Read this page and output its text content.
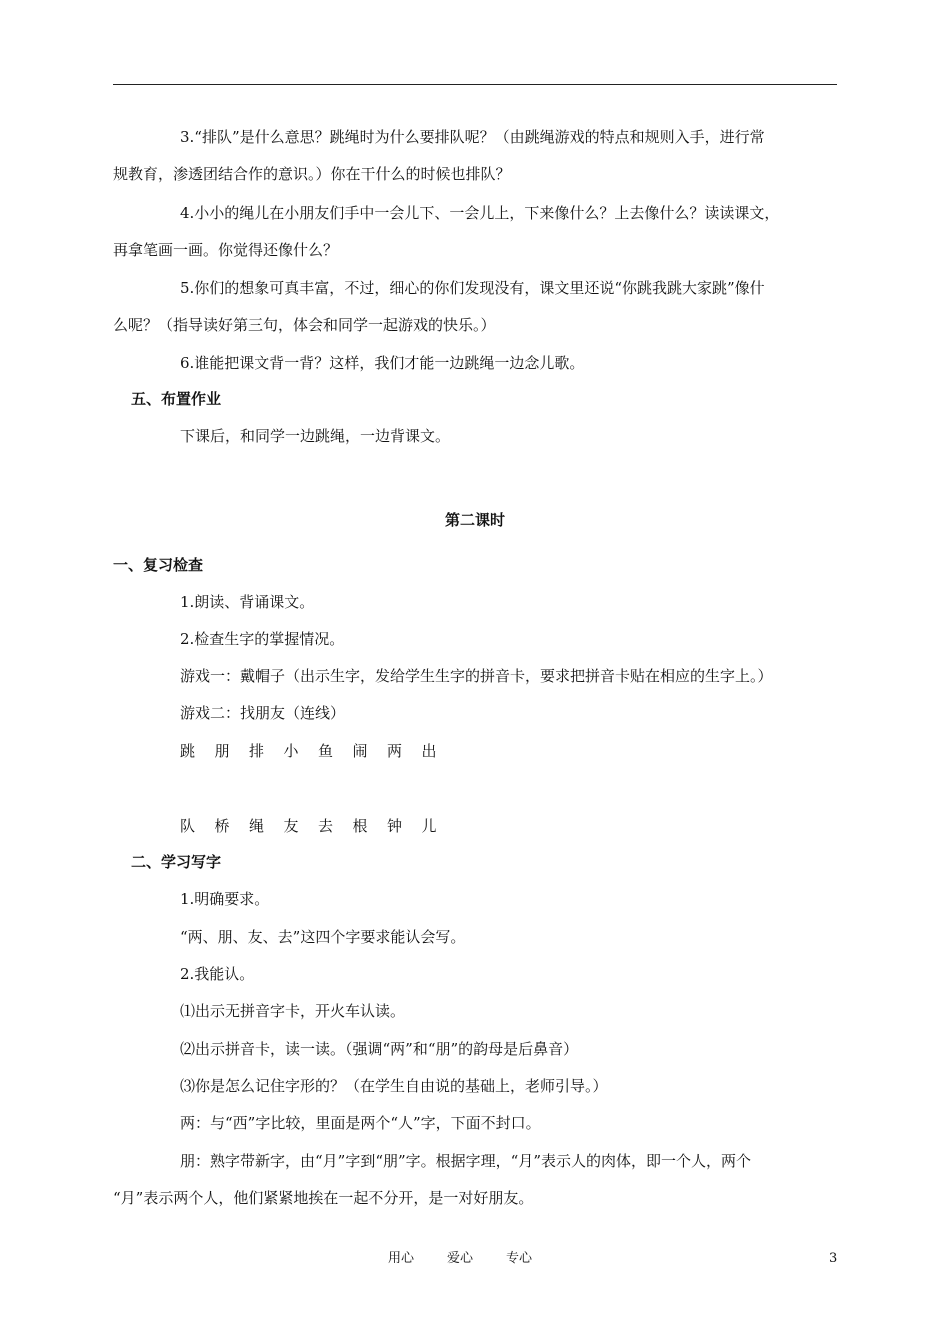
3.“排队”是什么意思？跳绳时为什么要排队呢？（由跳绳游戏的特点和规则入手，进行常
规教育，渗透团结合作的意识。）你在干什么的时候也排队？
4.小小的绳儿在小朋友们手中一会儿下、一会儿上，下来像什么？上去像什么？读读课文，
再拿笔画一画。你觉得还像什么？
5.你们的想象可真丰富，不过，细心的你们发现没有，课文里还说“你跳我跳大家跳”像什
么呢？（指导读好第三句，体会和同学一起游戏的快乐。）
6.谁能把课文背一背？这样，我们才能一边跳绳一边念儿歌。
五、布置作业
下课后，和同学一边跳绳，一边背课文。
第二课时
一、复习检查
1.朗读、背诵课文。
2.检查生字的掌握情况。
游戏一：戴帽子（出示生字，发给学生生字的拼音卡，要求把拼音卡贴在相应的生字上。）
游戏二：找朋友（连线）
跳 朋 排 小 鱼 闹 两 出
队 桥 绳 友 去 根 钟 儿
二、学习写字
1.明确要求。
“两、朋、友、去”这四个字要求能认会写。
2.我能认。
⑴出示无拼音字卡，开火车认读。
⑵出示拼音卡，读一读。（强调“两”和“朋”的韵母是后鼻音）
⑶你是怎么记住字形的？（在学生自由说的基础上，老师引导。）
两：与“西”字比较，里面是两个“人”字，下面不封口。
朋：熟字带新字，由“月”字到“朋”字。根据字理，“月”表示人的肉体，即一个人，两个
“月”表示两个人，他们紧紧地挨在一起不分开，是一对好朋友。
用心	爱心	专心	3
